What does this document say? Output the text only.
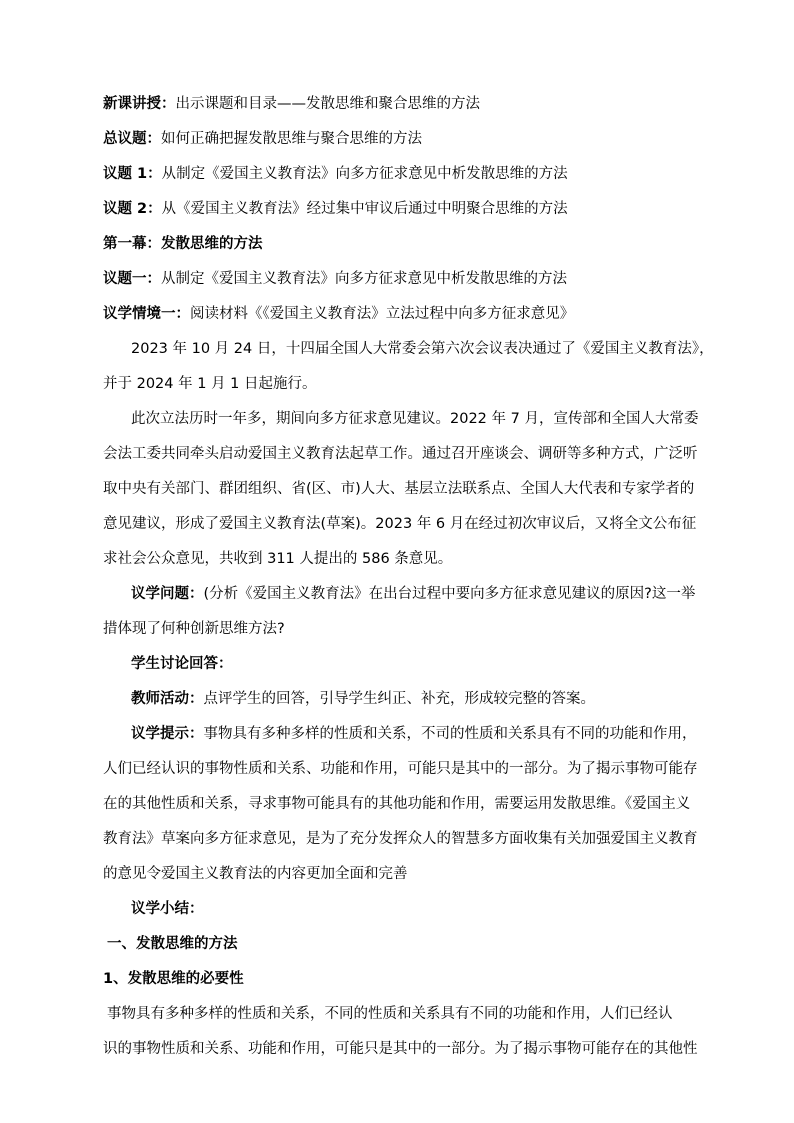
新课讲授：出示课题和目录——发散思维和聚合思维的方法

总议题：如何正确把握发散思维与聚合思维的方法

议题 1：从制定《爱国主义教育法》向多方征求意见中析发散思维的方法

议题 2：从《爱国主义教育法》经过集中审议后通过中明聚合思维的方法

第一幕：发散思维的方法

议题一：从制定《爱国主义教育法》向多方征求意见中析发散思维的方法

议学情境一：阅读材料《《爱国主义教育法》立法过程中向多方征求意见》

2023 年 10 月 24 日，十四届全国人大常委会第六次会议表决通过了《爱国主义教育法》，

并于 2024 年 1 月 1 日起施行。

此次立法历时一年多，期间向多方征求意见建议。2022 年 7 月，宣传部和全国人大常委

会法工委共同牵头启动爱国主义教育法起草工作。通过召开座谈会、调研等多种方式，广泛听

取中央有关部门、群团组织、省(区、市)人大、基层立法联系点、全国人大代表和专家学者的

意见建议，形成了爱国主义教育法(草案)。2023 年 6 月在经过初次审议后，又将全文公布征

求社会公众意见，共收到 311 人提出的 586 条意见。

议学问题：(分析《爱国主义教育法》在出台过程中要向多方征求意见建议的原因?这一举

措体现了何种创新思维方法?

学生讨论回答：

教师活动：点评学生的回答，引导学生纠正、补充，形成较完整的答案。

议学提示：事物具有多种多样的性质和关系，不司的性质和关系具有不同的功能和作用，

人们已经认识的事物性质和关系、功能和作用，可能只是其中的一部分。为了揭示事物可能存

在的其他性质和关系，寻求事物可能具有的其他功能和作用，需要运用发散思维。《爱国主义

教育法》草案向多方征求意见，是为了充分发挥众人的智慧多方面收集有关加强爱国主义教育

的意见令爱国主义教育法的内容更加全面和完善

议学小结：

一、发散思维的方法

1、发散思维的必要性

事物具有多种多样的性质和关系，不同的性质和关系具有不同的功能和作用，人们已经认

识的事物性质和关系、功能和作用，可能只是其中的一部分。为了揭示事物可能存在的其他性
